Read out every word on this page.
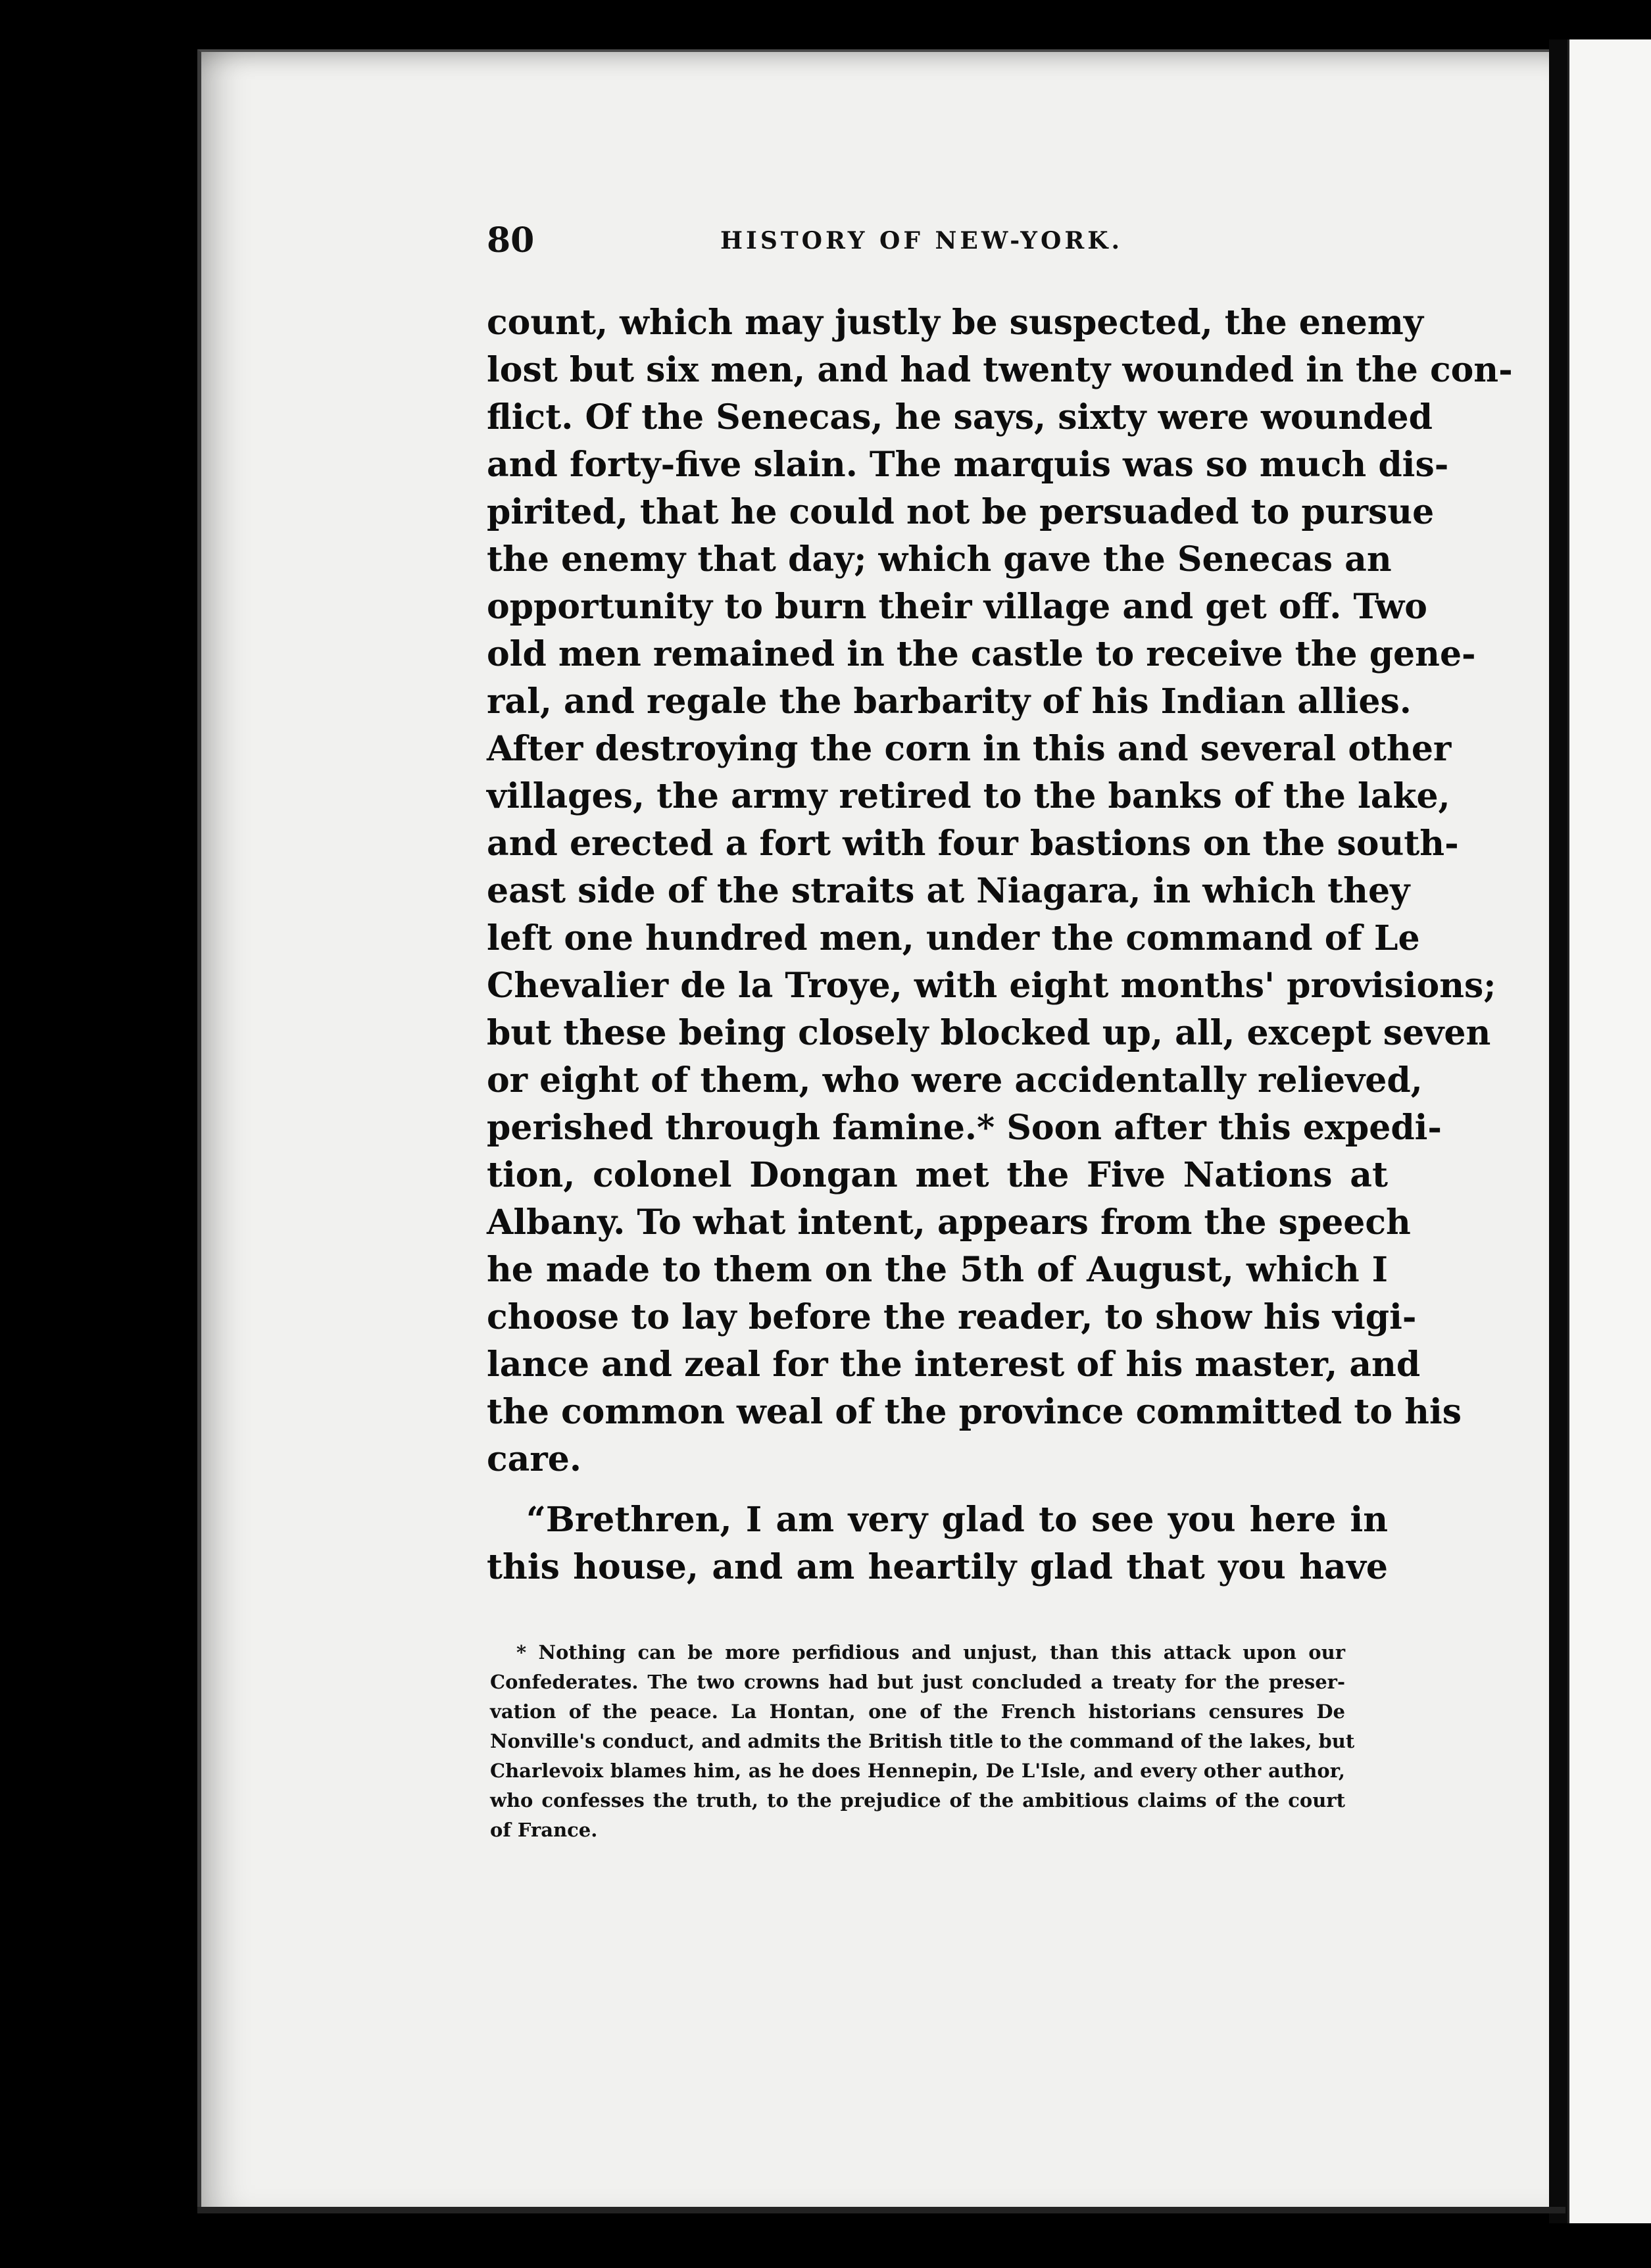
80	HISTORY OF NEW-YORK.
count, which may justly be suspected, the enemy
lost but six men, and had twenty wounded in the con-
flict. Of the Senecas, he says, sixty were wounded
and forty-five slain. The marquis was so much dis-
pirited, that he could not be persuaded to pursue
the enemy that day; which gave the Senecas an
opportunity to burn their village and get off. Two
old men remained in the castle to receive the gene-
ral, and regale the barbarity of his Indian allies.
After destroying the corn in this and several other
villages, the army retired to the banks of the lake,
and erected a fort with four bastions on the south-
east side of the straits at Niagara, in which they
left one hundred men, under the command of Le
Chevalier de la Troye, with eight months' provisions;
but these being closely blocked up, all, except seven
or eight of them, who were accidentally relieved,
perished through famine.* Soon after this expedi-
tion, colonel Dongan met the Five Nations at
Albany. To what intent, appears from the speech
he made to them on the 5th of August, which I
choose to lay before the reader, to show his vigi-
lance and zeal for the interest of his master, and
the common weal of the province committed to his
care.
“Brethren, I am very glad to see you here in
this house, and am heartily glad that you have
* Nothing can be more perfidious and unjust, than this attack upon our
Confederates. The two crowns had but just concluded a treaty for the preser-
vation of the peace. La Hontan, one of the French historians censures De
Nonville's conduct, and admits the British title to the command of the lakes, but
Charlevoix blames him, as he does Hennepin, De L'Isle, and every other author,
who confesses the truth, to the prejudice of the ambitious claims of the court
of France.
